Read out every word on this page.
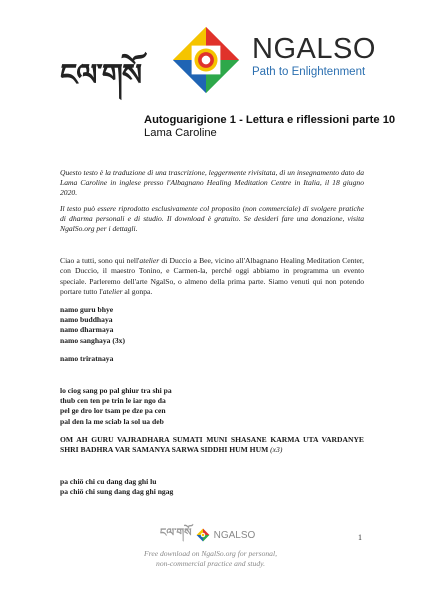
ངལ་གསོ
NGALSO
Path to Enlightenment
Autoguarigione 1 - Lettura e riflessioni parte 10
Lama Caroline

Questo testo è la traduzione di una trascrizione, leggermente rivisitata, di un insegnamento dato da Lama Caroline in inglese presso l'Albagnano Healing Meditation Centre in Italia, il 18 giugno 2020.

Il testo può essere riprodotto esclusivamente col proposito (non commerciale) di svolgere pratiche di dharma personali e di studio. Il download è gratuito. Se desideri fare una donazione, visita NgalSo.org per i dettagli.

Ciao a tutti, sono qui nell'atelier di Duccio a Bee, vicino all'Albagnano Healing Meditation Center, con Duccio, il maestro Tonino, e Carmen-la, perché oggi abbiamo in programma un evento speciale. Parleremo dell'arte NgalSo, o almeno della prima parte. Siamo venuti qui non potendo portare tutto l'atelier al gonpa.

namo guru bhye

namo buddhaya

namo dharmaya

namo sanghaya (3x)

namo triratnaya

lo ciog sang po pal ghiur tra shi pa

thub cen ten pe trin le iar ngo da

pel ge dro lor tsam pe dze pa cen

pal den la me sciab la sol ua deb

OM AH GURU VAJRADHARA SUMATI MUNI SHASANE KARMA UTA VARDANYE SHRI BADHRA VAR SAMANYA SARWA SIDDHI HUM HUM (x3)

pa chiö chi cu dang dag ghi lu

pa chiö chi sung dang dag ghi ngag

ངལ་གསོ NGALSO
Free download on NgalSo.org for personal,
non-commercial practice and study.
1
